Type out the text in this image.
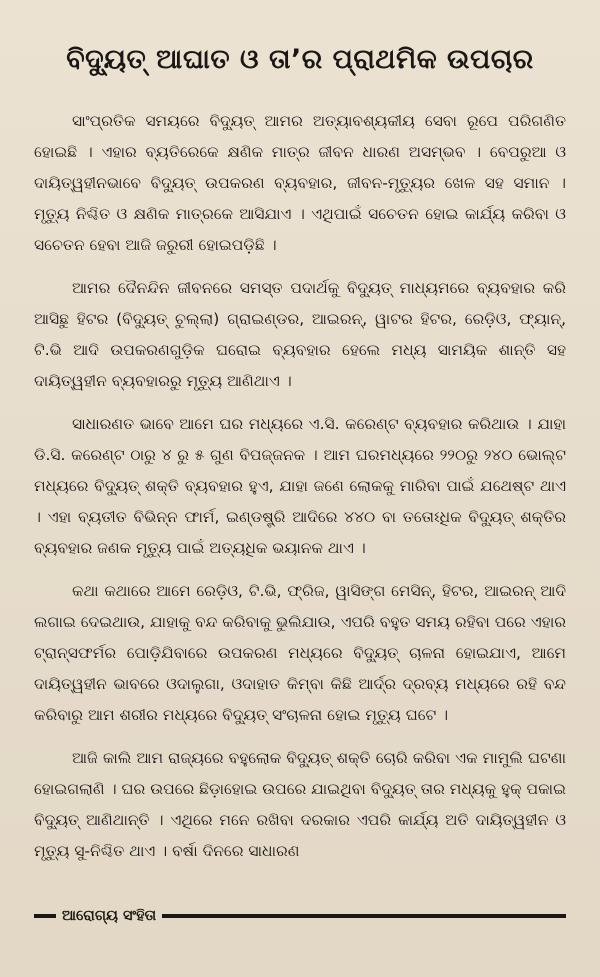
ବିଦ୍ୟୁତ୍ ଆଘାତ ଓ ତା’ର ପ୍ରାଥମିକ ଉପଚାର

ସାଂପ୍ରତିକ ସମୟରେ ବିଦ୍ୟୁତ୍ ଆମର ଅତ୍ୟାବଶ୍ୟକୀୟ ସେବା ରୂପେ ପରିଗଣିତ ହୋଇଛି । ଏହାର ବ୍ୟତିରେକେ କ୍ଷଣିକ ମାତ୍ର ଜୀବନ ଧାରଣ ଅସମ୍ଭବ । ବେପରୁଆ ଓ ଦାୟିତ୍ୱହୀନଭାବେ ବିଦ୍ୟୁତ୍ ଉପକରଣ ବ୍ୟବହାର, ଜୀବନ-ମୃତ୍ୟୁର ଖେଳ ସହ ସମାନ । ମୃତ୍ୟୁ ନିଶ୍ଚିତ ଓ କ୍ଷଣିକ ମାତ୍ରକେ ଆସିଯାଏ । ଏଥିପାଇଁ ସଚେତନ ହୋଇ କାର୍ଯ୍ୟ କରିବା ଓ ସଚେତନ ହେବା ଆଜି ଜରୁରୀ ହୋଇପଡ଼ିଛି ।

ଆମର ଦୈନନ୍ଦିନ ଜୀବନରେ ସମସ୍ତ ପଦାର୍ଥକୁ ବିଦ୍ୟୁତ୍ ମାଧ୍ୟମରେ ବ୍ୟବହାର କରି ଆସିଛୁ ହିଟର (ବିଦ୍ୟୁତ୍ ଚୁଲ୍ଲା) ଗ୍ରାଇଣ୍ଡର, ଆଇରନ୍, ୱାଟର ହିଟର, ରେଡ଼ିଓ, ଫ୍ୟାନ୍, ଟି.ଭି ଆଦି ଉପକରଣଗୁଡ଼ିକ ଘରୋଇ ବ୍ୟବହାର ହେଲେ ମଧ୍ୟ ସାମୟିକ ଶାନ୍ତି ସହ ଦାୟିତ୍ୱହୀନ ବ୍ୟବହାରରୁ ମୃତ୍ୟୁ ଆଣିଥାଏ ।

ସାଧାରଣତ ଭାବେ ଆମେ ଘର ମଧ୍ୟରେ ଏ.ସି. କରେଣ୍ଟ ବ୍ୟବହାର କରିଥାଉ । ଯାହା ଡି.ସି. କରେଣ୍ଟ ଠାରୁ ୪ ରୁ ୫ ଗୁଣ ବିପଜ୍ଜନକ । ଆମ ଘରମଧ୍ୟରେ ୨୨୦ରୁ ୨୪୦ ଭୋଲ୍ଟ ମଧ୍ୟରେ ବିଦ୍ୟୁତ୍ ଶକ୍ତି ବ୍ୟବହାର ହୁଏ, ଯାହା ଜଣେ ଲୋକକୁ ମାରିବା ପାଇଁ ଯଥେଷ୍ଟ ଥାଏ । ଏହା ବ୍ୟତୀତ ବିଭିନ୍ନ ଫାର୍ମ, ଇଣ୍ଡଷ୍ଟ୍ରି ଆଦିରେ ୪୪୦ ବା ତତୋଽଧିକ ବିଦ୍ୟୁତ୍ ଶକ୍ତିର ବ୍ୟବହାର ଜଣକ ମୃତ୍ୟୁ ପାଇଁ ଅତ୍ୟଧିକ ଭୟାନକ ଥାଏ ।

କଥା କଥାରେ ଆମେ ରେଡ଼ିଓ, ଟି.ଭି, ଫ୍ରିଜ, ୱାସିଙ୍ଗ ମେସିନ୍, ହିଟର, ଆଇରନ୍ ଆଦି ଲଗାଇ ଦେଇଥାଉ, ଯାହାକୁ ବନ୍ଦ କରିବାକୁ ଭୁଲିଯାଉ, ଏପରି ବହୁତ ସମୟ ରହିବା ପରେ ଏହାର ଟ୍ରାନ୍ସଫର୍ମର ପୋଡ଼ିଯିବାରେ ଉପକରଣ ମଧ୍ୟରେ ବିଦ୍ୟୁତ୍ ଚାଳନା ହୋଇଯାଏ, ଆମେ ଦାୟିତ୍ୱହୀନ ଭାବରେ ଓଦାଲୁଗା, ଓଦାହାତ କିମ୍ବା କିଛି ଆର୍ଦ୍ର ଦ୍ରବ୍ୟ ମଧ୍ୟରେ ରହି ବନ୍ଦ କରିବାରୁ ଆମ ଶରୀର ମଧ୍ୟରେ ବିଦ୍ୟୁତ୍ ସଂଚାଳନା ହୋଇ ମୃତ୍ୟୁ ଘଟେ ।

ଆଜି କାଲି ଆମ ରାଜ୍ୟରେ ବହୁଲୋକ ବିଦ୍ୟୁତ୍ ଶକ୍ତି ଚୋରି କରିବା ଏକ ମାମୁଲି ଘଟଣା ହୋଇଗଲାଣି । ଘର ଉପରେ ଛିଡ଼ାହୋଇ ଉପରେ ଯାଇଥିବା ବିଦ୍ୟୁତ୍ ତାର ମଧ୍ୟକୁ ହୁକ୍ ପକାଇ ବିଦ୍ୟୁତ୍ ଆଣିଥାନ୍ତି । ଏଥିରେ ମନେ ରଖିବା ଦରକାର ଏପରି କାର୍ଯ୍ୟ ଅତି ଦାୟିତ୍ୱହୀନ ଓ ମୃତ୍ୟୁ ସୁ-ନିଶ୍ଚିତ ଥାଏ । ବର୍ଷା ଦିନରେ ସାଧାରଣ

ଆରୋଗ୍ୟ ସଂହିତା
